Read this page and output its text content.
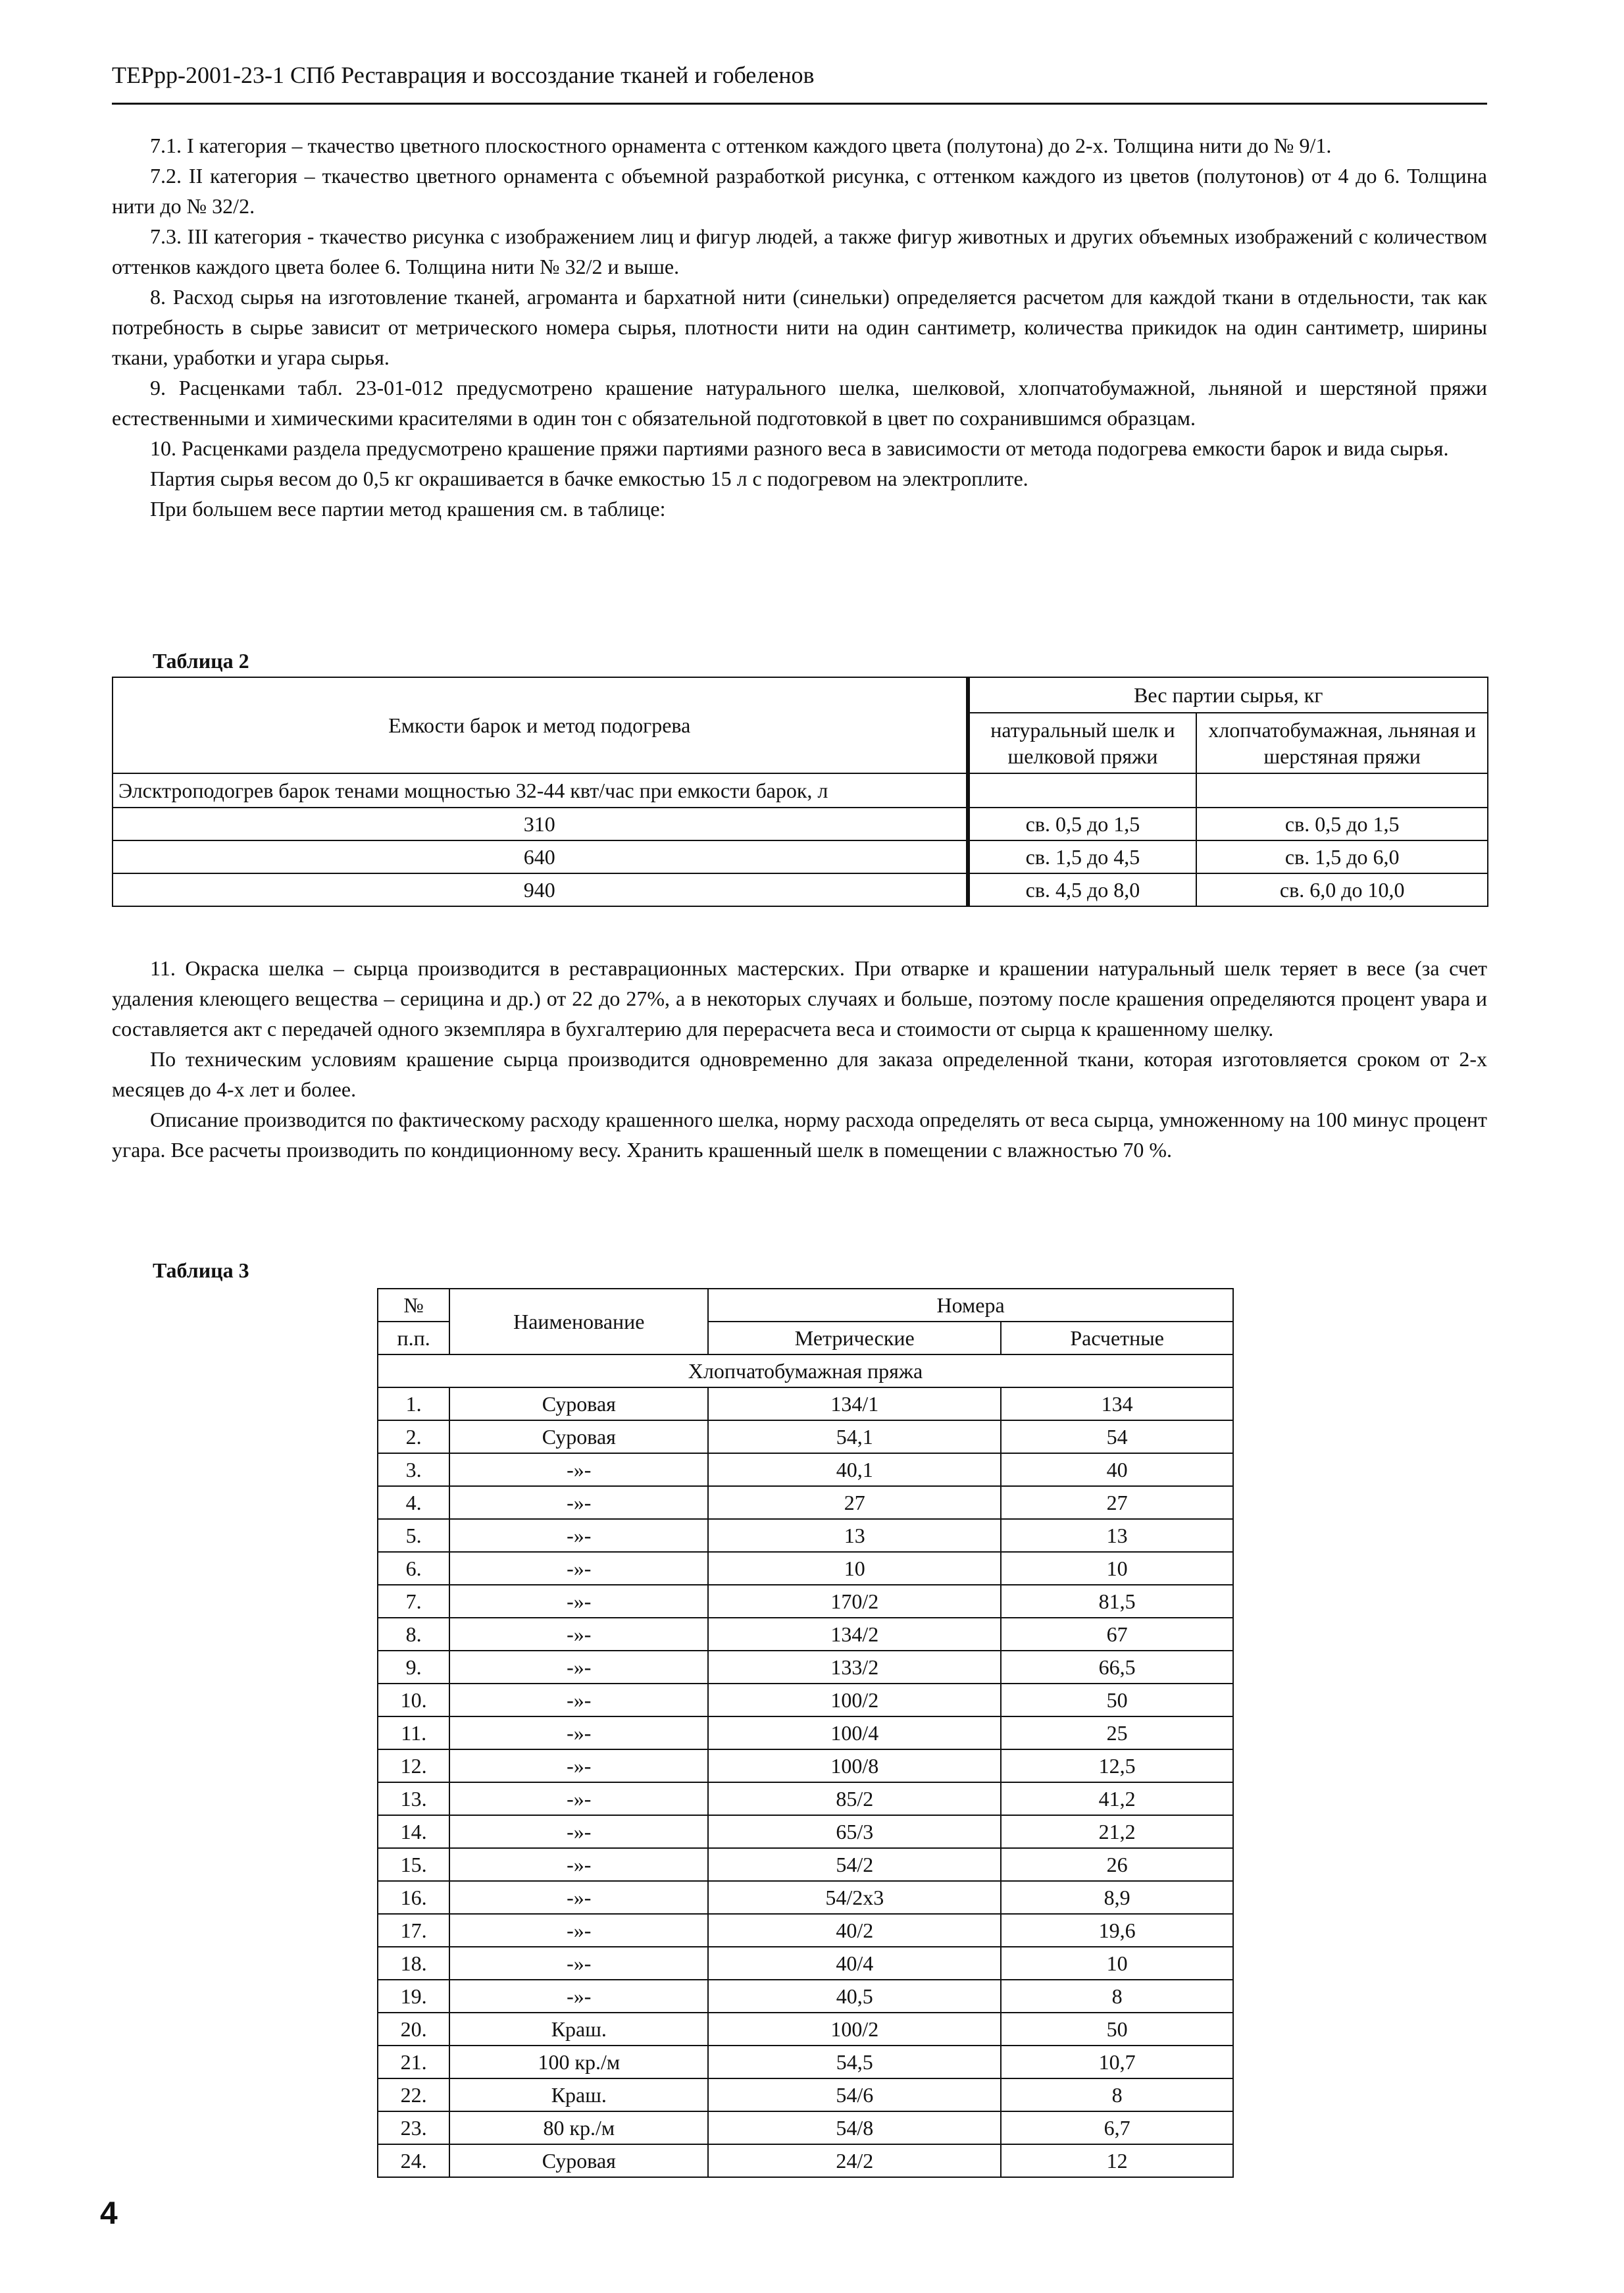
ТЕРрр-2001-23-1 СПб Реставрация и воссоздание тканей и гобеленов

7.1. I категория – ткачество цветного плоскостного орнамента с оттенком каждого цвета (полутона) до 2-х. Толщина нити до № 9/1.

7.2. II категория – ткачество цветного орнамента с объемной разработкой рисунка, с оттенком каждого из цветов (полутонов) от 4 до 6. Толщина нити до № 32/2.

7.3. III категория - ткачество рисунка с изображением лиц и фигур людей, а также фигур животных и других объемных изображений с количеством оттенков каждого цвета более 6. Толщина нити № 32/2 и выше.

8. Расход сырья на изготовление тканей, агроманта и бархатной нити (синельки) определяется расчетом для каждой ткани в отдельности, так как потребность в сырье зависит от метрического номера сырья, плотности нити на один сантиметр, количества прикидок на один сантиметр, ширины ткани, уработки и угара сырья.

9. Расценками табл. 23-01-012 предусмотрено крашение натурального шелка, шелковой, хлопчатобумажной, льняной и шерстяной пряжи естественными и химическими красителями в один тон с обязательной подготовкой в цвет по сохранившимся образцам.

10. Расценками раздела предусмотрено крашение пряжи партиями разного веса в зависимости от метода подогрева емкости барок и вида сырья.

Партия сырья весом до 0,5 кг окрашивается в бачке емкостью 15 л с подогревом на электроплите.

При большем весе партии метод крашения см. в таблице:

Таблица 2
Емкости барок и метод подогрева	Вес партии сырья, кг	
	натуральный шелк и шелковой пряжи	хлопчатобумажная, льняная и шерстяная пряжи
Элсктроподогрев барок тенами мощностью 32-44 квт/час при емкости барок, л		
310	св. 0,5 до 1,5	св. 0,5 до 1,5
640	св. 1,5 до 4,5	св. 1,5 до 6,0
940	св. 4,5 до 8,0	св. 6,0 до 10,0

11. Окраска шелка – сырца производится в реставрационных мастерских. При отварке и крашении натуральный шелк теряет в весе (за счет удаления клеющего вещества – серицина и др.) от 22 до 27%, а в некоторых случаях и больше, поэтому после крашения определяются процент увара и составляется акт с передачей одного экземпляра в бухгалтерию для перерасчета веса и стоимости от сырца к крашенному шелку.

По техническим условиям крашение сырца производится одновременно для заказа определенной ткани, которая изготовляется сроком от 2-х месяцев до 4-х лет и более.

Описание производится по фактическому расходу крашенного шелка, норму расхода определять от веса сырца, умноженному на 100 минус процент угара. Все расчеты производить по кондиционному весу. Хранить крашенный шелк в помещении с влажностью 70 %.

Таблица 3
№	Наименование	Номера	
п.п.		Метрические	Расчетные
Хлопчатобумажная пряжа			
1.	Суровая	134/1	134
2.	Суровая	54,1	54
3.	-»-	40,1	40
4.	-»-	27	27
5.	-»-	13	13
6.	-»-	10	10
7.	-»-	170/2	81,5
8.	-»-	134/2	67
9.	-»-	133/2	66,5
10.	-»-	100/2	50
11.	-»-	100/4	25
12.	-»-	100/8	12,5
13.	-»-	85/2	41,2
14.	-»-	65/3	21,2
15.	-»-	54/2	26
16.	-»-	54/2x3	8,9
17.	-»-	40/2	19,6
18.	-»-	40/4	10
19.	-»-	40,5	8
20.	Краш.	100/2	50
21.	100 кр./м	54,5	10,7
22.	Краш.	54/6	8
23.	80 кр./м	54/8	6,7
24.	Суровая	24/2	12
4
